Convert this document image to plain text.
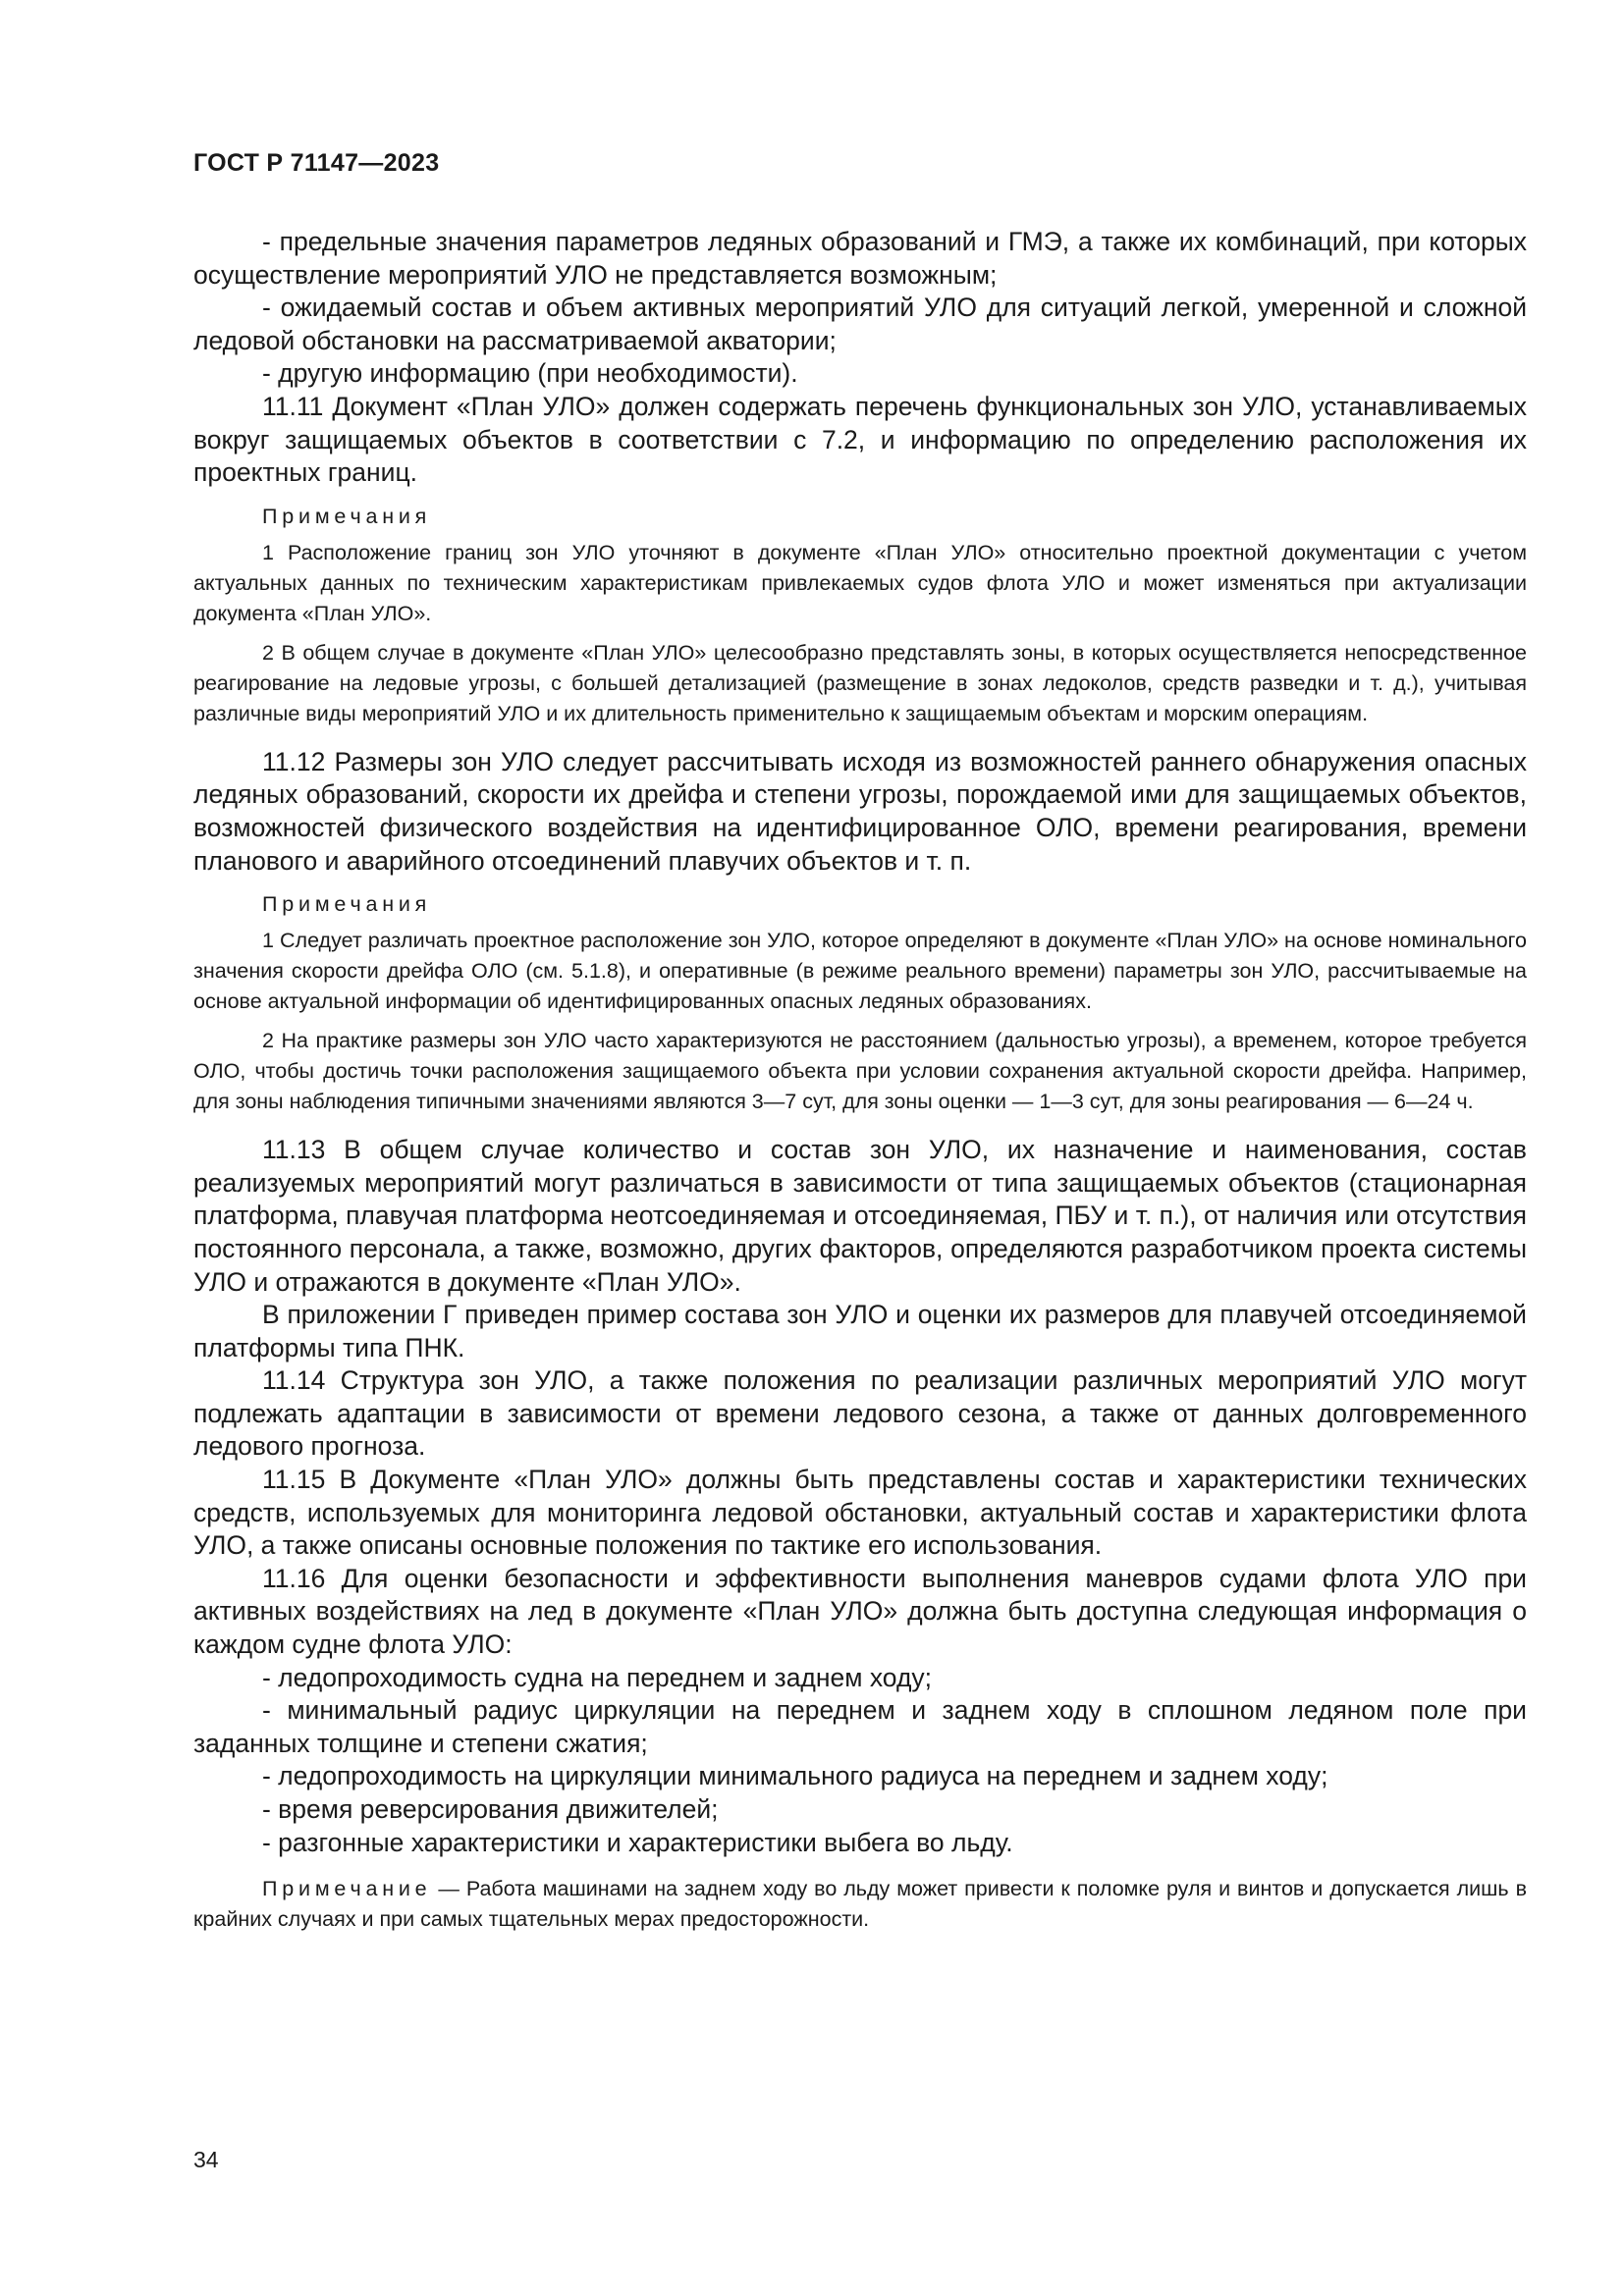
ГОСТ Р 71147—2023

- предельные значения параметров ледяных образований и ГМЭ, а также их комбинаций, при которых осуществление мероприятий УЛО не представляется возможным;

- ожидаемый состав и объем активных мероприятий УЛО для ситуаций легкой, умеренной и сложной ледовой обстановки на рассматриваемой акватории;

- другую информацию (при необходимости).

11.11 Документ «План УЛО» должен содержать перечень функциональных зон УЛО, устанавливаемых вокруг защищаемых объектов в соответствии с 7.2, и информацию по определению расположения их проектных границ.

Примечания

1 Расположение границ зон УЛО уточняют в документе «План УЛО» относительно проектной документации с учетом актуальных данных по техническим характеристикам привлекаемых судов флота УЛО и может изменяться при актуализации документа «План УЛО».

2 В общем случае в документе «План УЛО» целесообразно представлять зоны, в которых осуществляется непосредственное реагирование на ледовые угрозы, с большей детализацией (размещение в зонах ледоколов, средств разведки и т. д.), учитывая различные виды мероприятий УЛО и их длительность применительно к защищаемым объектам и морским операциям.

11.12 Размеры зон УЛО следует рассчитывать исходя из возможностей раннего обнаружения опасных ледяных образований, скорости их дрейфа и степени угрозы, порождаемой ими для защищаемых объектов, возможностей физического воздействия на идентифицированное ОЛО, времени реагирования, времени планового и аварийного отсоединений плавучих объектов и т. п.

Примечания

1 Следует различать проектное расположение зон УЛО, которое определяют в документе «План УЛО» на основе номинального значения скорости дрейфа ОЛО (см. 5.1.8), и оперативные (в режиме реального времени) параметры зон УЛО, рассчитываемые на основе актуальной информации об идентифицированных опасных ледяных образованиях.

2 На практике размеры зон УЛО часто характеризуются не расстоянием (дальностью угрозы), а временем, которое требуется ОЛО, чтобы достичь точки расположения защищаемого объекта при условии сохранения актуальной скорости дрейфа. Например, для зоны наблюдения типичными значениями являются 3—7 сут, для зоны оценки — 1—3 сут, для зоны реагирования — 6—24 ч.

11.13 В общем случае количество и состав зон УЛО, их назначение и наименования, состав реализуемых мероприятий могут различаться в зависимости от типа защищаемых объектов (стационарная платформа, плавучая платформа неотсоединяемая и отсоединяемая, ПБУ и т. п.), от наличия или отсутствия постоянного персонала, а также, возможно, других факторов, определяются разработчиком проекта системы УЛО и отражаются в документе «План УЛО».

В приложении Г приведен пример состава зон УЛО и оценки их размеров для плавучей отсоединяемой платформы типа ПНК.

11.14 Структура зон УЛО, а также положения по реализации различных мероприятий УЛО могут подлежать адаптации в зависимости от времени ледового сезона, а также от данных долговременного ледового прогноза.

11.15 В Документе «План УЛО» должны быть представлены состав и характеристики технических средств, используемых для мониторинга ледовой обстановки, актуальный состав и характеристики флота УЛО, а также описаны основные положения по тактике его использования.

11.16 Для оценки безопасности и эффективности выполнения маневров судами флота УЛО при активных воздействиях на лед в документе «План УЛО» должна быть доступна следующая информация о каждом судне флота УЛО:

- ледопроходимость судна на переднем и заднем ходу;

- минимальный радиус циркуляции на переднем и заднем ходу в сплошном ледяном поле при заданных толщине и степени сжатия;

- ледопроходимость на циркуляции минимального радиуса на переднем и заднем ходу;

- время реверсирования движителей;

- разгонные характеристики и характеристики выбега во льду.

Примечание — Работа машинами на заднем ходу во льду может привести к поломке руля и винтов и допускается лишь в крайних случаях и при самых тщательных мерах предосторожности.

34
